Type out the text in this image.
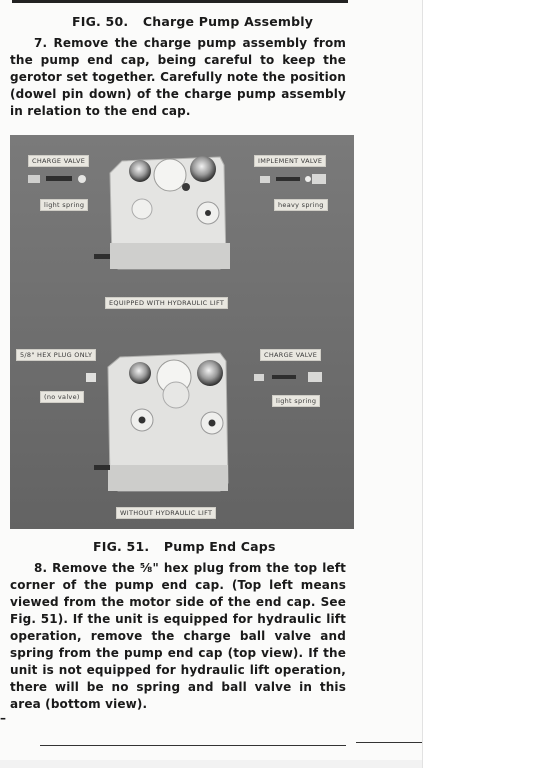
FIG. 50. Charge Pump Assembly
7. Remove the charge pump assembly from the pump end cap, being careful to keep the gerotor set together. Carefully note the position (dowel pin down) of the charge pump assembly in relation to the end cap.
CHARGE VALVE
light spring
IMPLEMENT VALVE
heavy spring
EQUIPPED WITH HYDRAULIC LIFT
5/8" HEX PLUG ONLY
(no valve)
CHARGE VALVE
light spring
WITHOUT HYDRAULIC LIFT
FIG. 51. Pump End Caps
8. Remove the ⅝" hex plug from the top left corner of the pump end cap. (Top left means viewed from the motor side of the end cap. See Fig. 51). If the unit is equipped for hydraulic lift operation, remove the charge ball valve and spring from the pump end cap (top view). If the unit is not equipped for hydraulic lift operation, there will be no spring and ball valve in this area (bottom view).
–
